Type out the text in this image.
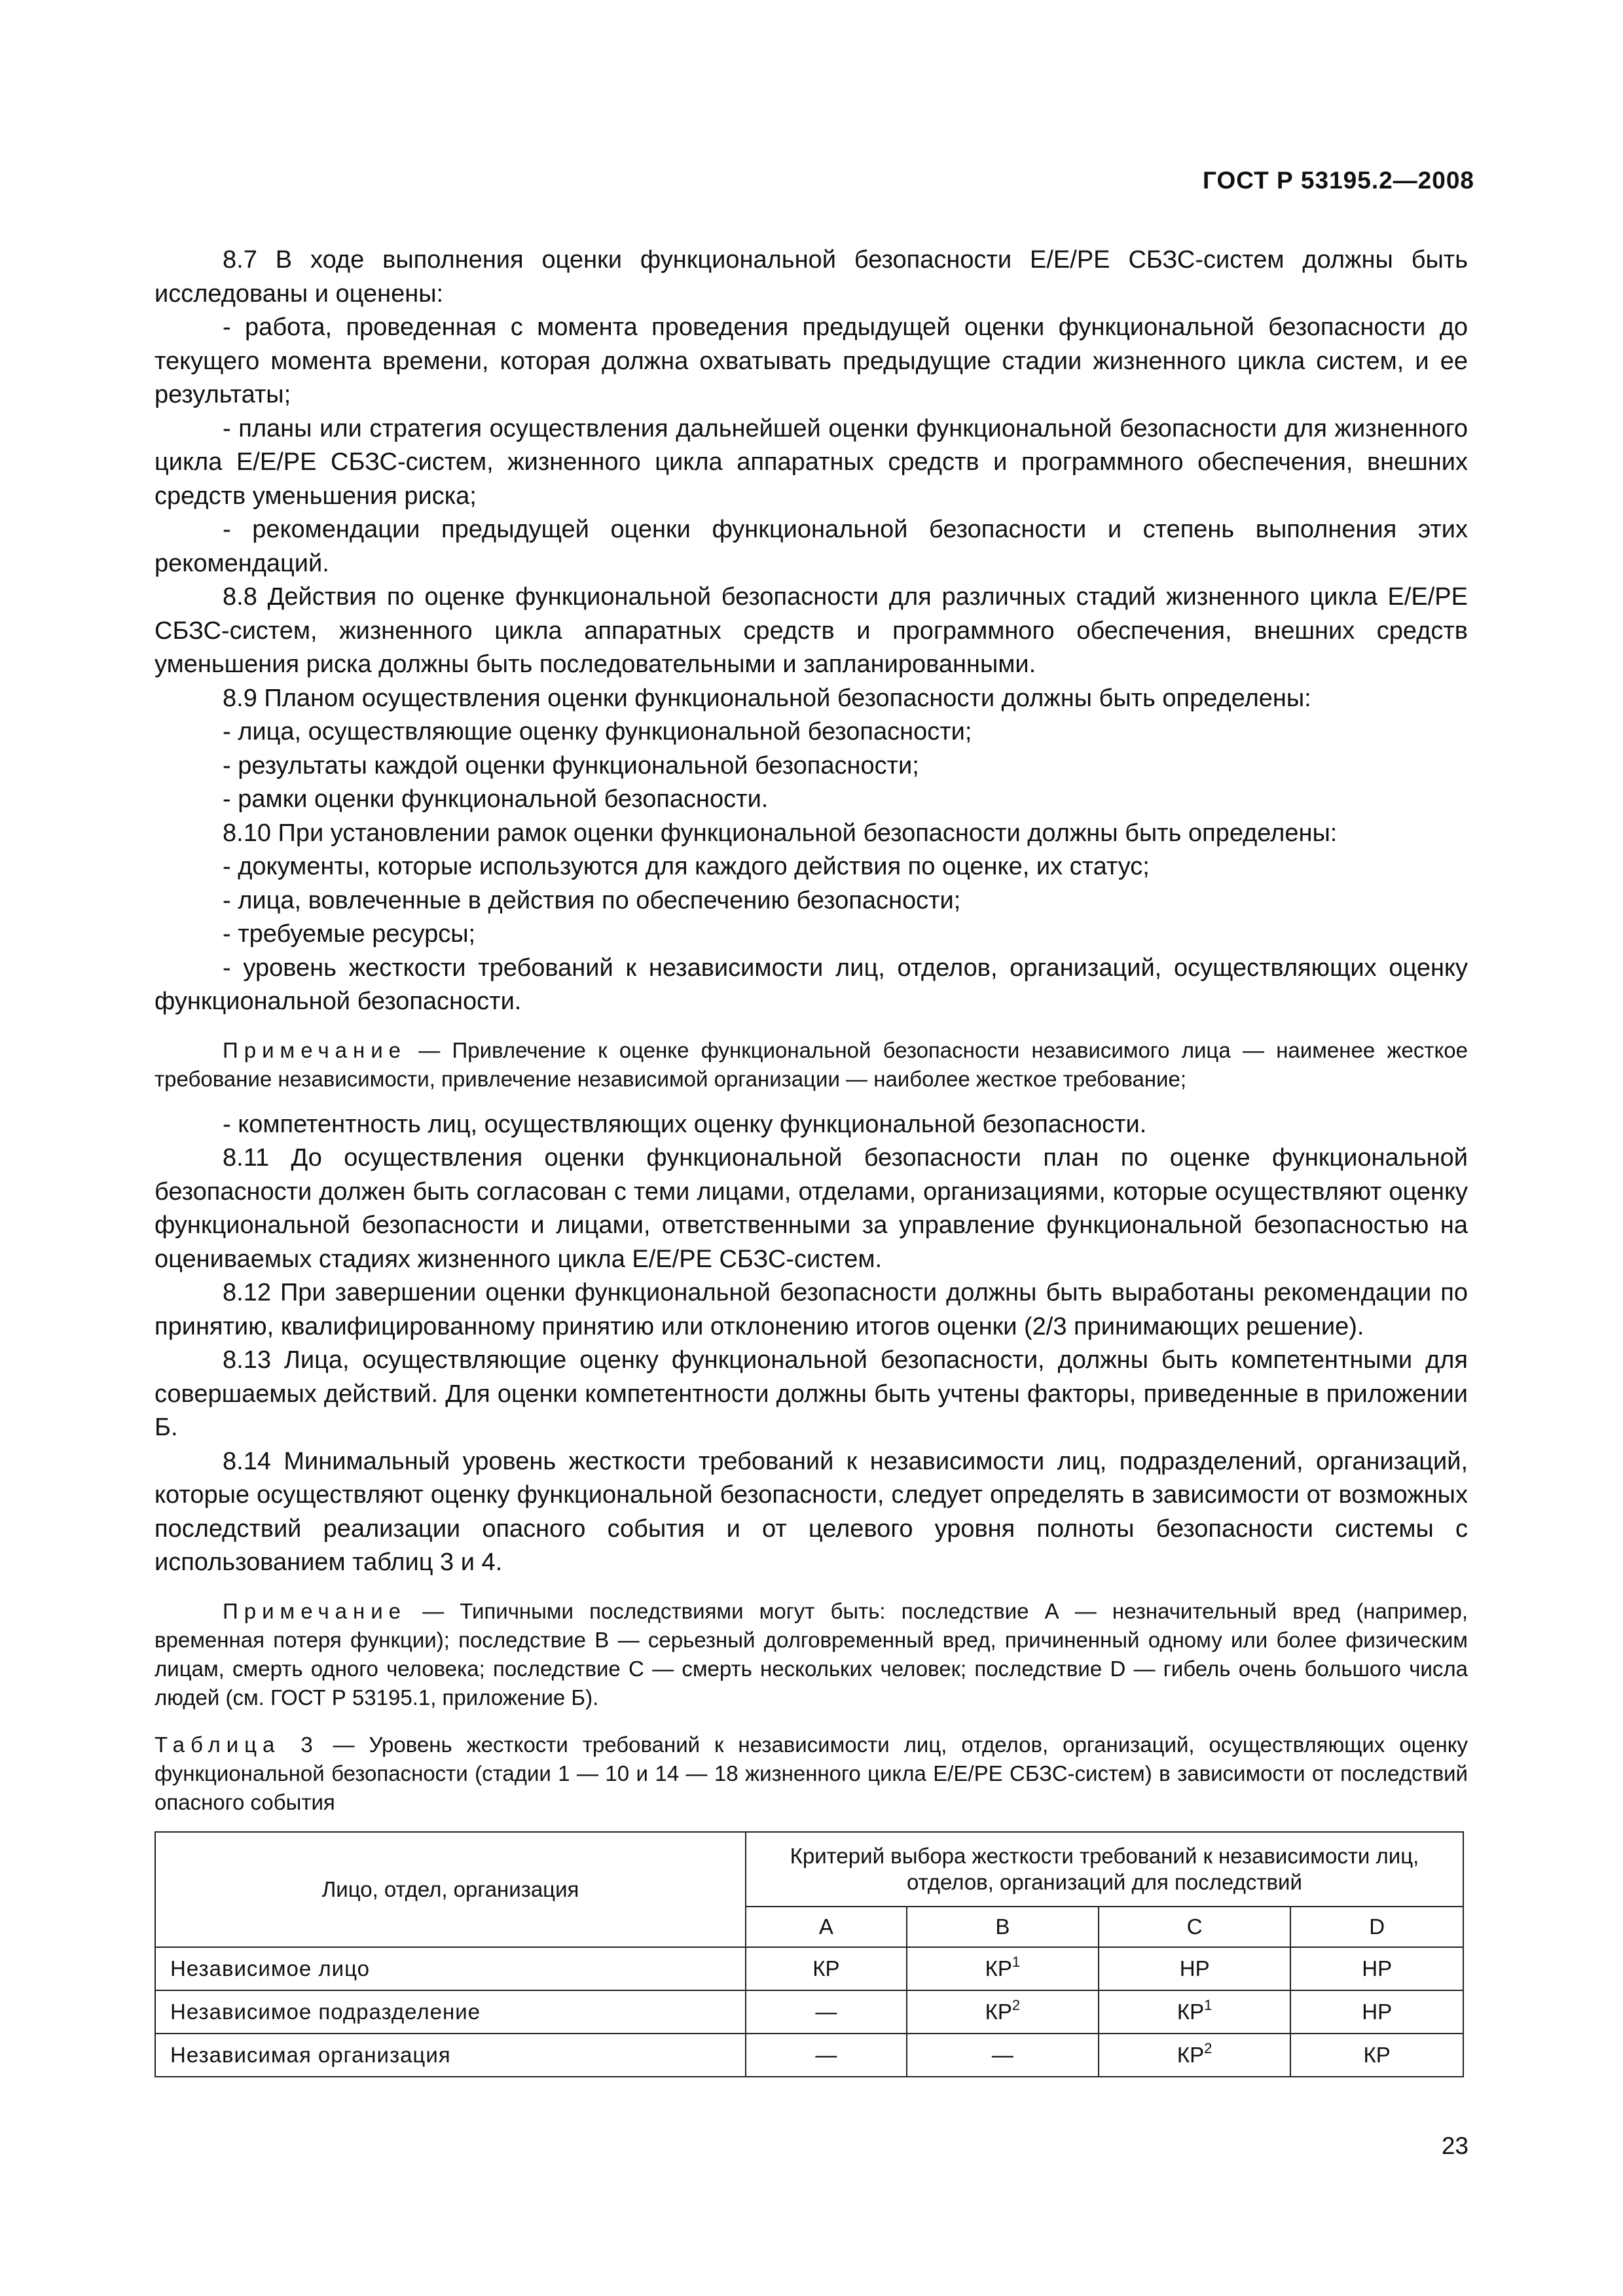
ГОСТ Р 53195.2—2008

8.7 В ходе выполнения оценки функциональной безопасности Е/Е/РЕ СБЗС-систем должны быть исследованы и оценены:

- работа, проведенная с момента проведения предыдущей оценки функциональной безопасности до текущего момента времени, которая должна охватывать предыдущие стадии жизненного цикла систем, и ее результаты;

- планы или стратегия осуществления дальнейшей оценки функциональной безопасности для жизненного цикла Е/Е/РЕ СБЗС-систем, жизненного цикла аппаратных средств и программного обеспечения, внешних средств уменьшения риска;

- рекомендации предыдущей оценки функциональной безопасности и степень выполнения этих рекомендаций.

8.8 Действия по оценке функциональной безопасности для различных стадий жизненного цикла Е/Е/РЕ СБЗС-систем, жизненного цикла аппаратных средств и программного обеспечения, внешних средств уменьшения риска должны быть последовательными и запланированными.

8.9 Планом осуществления оценки функциональной безопасности должны быть определены:

- лица, осуществляющие оценку функциональной безопасности;

- результаты каждой оценки функциональной безопасности;

- рамки оценки функциональной безопасности.

8.10 При установлении рамок оценки функциональной безопасности должны быть определены:

- документы, которые используются для каждого действия по оценке, их статус;

- лица, вовлеченные в действия по обеспечению безопасности;

- требуемые ресурсы;

- уровень жесткости требований к независимости лиц, отделов, организаций, осуществляющих оценку функциональной безопасности.

Примечание — Привлечение к оценке функциональной безопасности независимого лица — наименее жесткое требование независимости, привлечение независимой организации — наиболее жесткое требование;

- компетентность лиц, осуществляющих оценку функциональной безопасности.

8.11 До осуществления оценки функциональной безопасности план по оценке функциональной безопасности должен быть согласован с теми лицами, отделами, организациями, которые осуществляют оценку функциональной безопасности и лицами, ответственными за управление функциональной безопасностью на оцениваемых стадиях жизненного цикла Е/Е/РЕ СБЗС-систем.

8.12 При завершении оценки функциональной безопасности должны быть выработаны рекомендации по принятию, квалифицированному принятию или отклонению итогов оценки (2/3 принимающих решение).

8.13 Лица, осуществляющие оценку функциональной безопасности, должны быть компетентными для совершаемых действий. Для оценки компетентности должны быть учтены факторы, приведенные в приложении Б.

8.14 Минимальный уровень жесткости требований к независимости лиц, подразделений, организаций, которые осуществляют оценку функциональной безопасности, следует определять в зависимости от возможных последствий реализации опасного события и от целевого уровня полноты безопасности системы с использованием таблиц 3 и 4.

Примечание — Типичными последствиями могут быть: последствие А — незначительный вред (например, временная потеря функции); последствие В — серьезный долговременный вред, причиненный одному или более физическим лицам, смерть одного человека; последствие С — смерть нескольких человек; последствие D — гибель очень большого числа людей (см. ГОСТ Р 53195.1, приложение Б).

Таблица 3 — Уровень жесткости требований к независимости лиц, отделов, организаций, осуществляющих оценку функциональной безопасности (стадии 1 — 10 и 14 — 18 жизненного цикла Е/Е/РЕ СБЗС-систем) в зависимости от последствий опасного события

Лицо, отдел, организация	Критерий выбора жесткости требований к независимости лиц, отделов, организаций для последствий			
	А	В	С	D
Независимое лицо	КР	$КР^1$	НР	НР
Независимое подразделение	—	$КР^2$	$КР^1$	НР
Независимая организация	—	—	$КР^2$	КР
23
